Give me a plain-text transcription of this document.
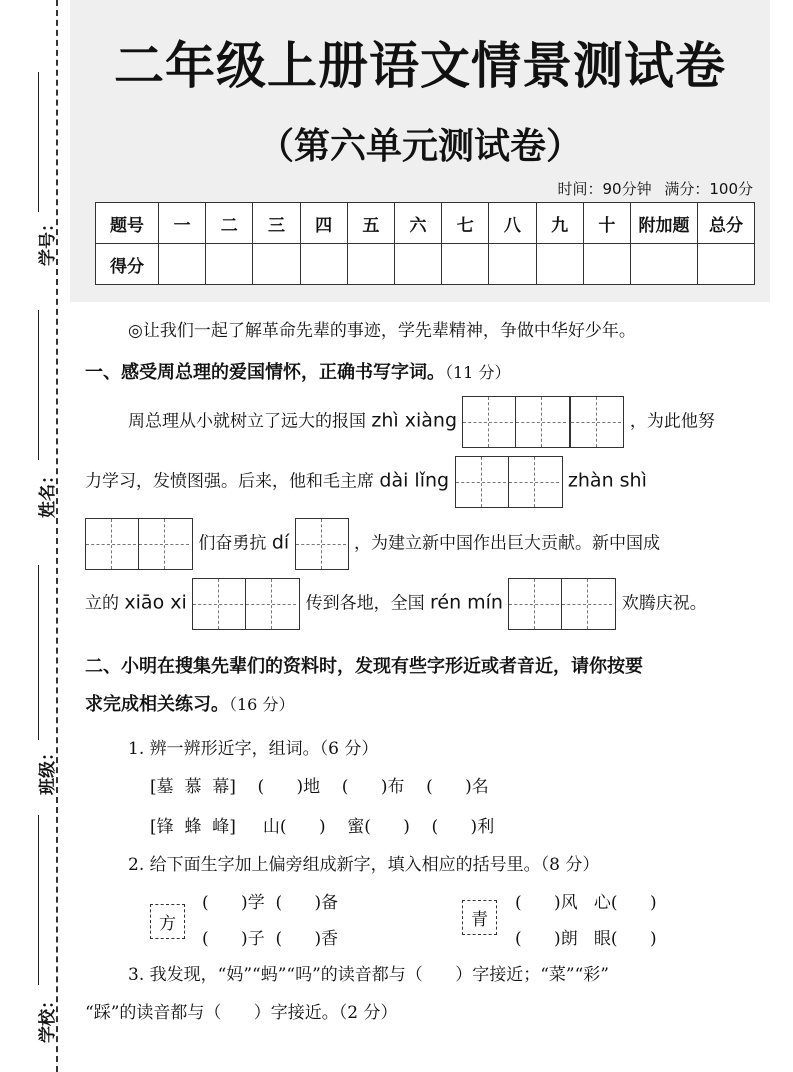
学号：
姓名：
班级：
学校：
二年级上册语文情景测试卷
（第六单元测试卷）
时间：90分钟 满分：100分
题号	一	二	三	四	五	六	七	八	九	十	附加题	总分
得分												
◎让我们一起了解革命先辈的事迹，学先辈精神，争做中华好少年。
一、感受周总理的爱国情怀，正确书写字词。（11 分）
周总理从小就树立了远大的报国 zhì xiàng	，为此他努
力学习，发愤图强。后来，他和毛主席 dài lǐng	zhàn shì
们奋勇抗 dí	，为建立新中国作出巨大贡献。新中国成
立的 xiāo xi	传到各地，全国 rén mín	欢腾庆祝。
二、小明在搜集先辈们的资料时，发现有些字形近或者音近，请你按要
求完成相关练习。（16 分）
1. 辨一辨形近字，组词。（6 分）
[墓  慕  幕]    (      )地    (      )布    (      )名
[锋  蜂  峰]     山(      )    蜜(      )    (      )利
2. 给下面生字加上偏旁组成新字，填入相应的括号里。（8 分）
方
(      )学  (      )备
(      )子  (      )香
青
(      )风   心(      )
(      )朗   眼(      )
3. 我发现，“妈”“蚂”“吗”的读音都与（      ）字接近；“菜”“彩”
“踩”的读音都与（      ）字接近。（2 分）
